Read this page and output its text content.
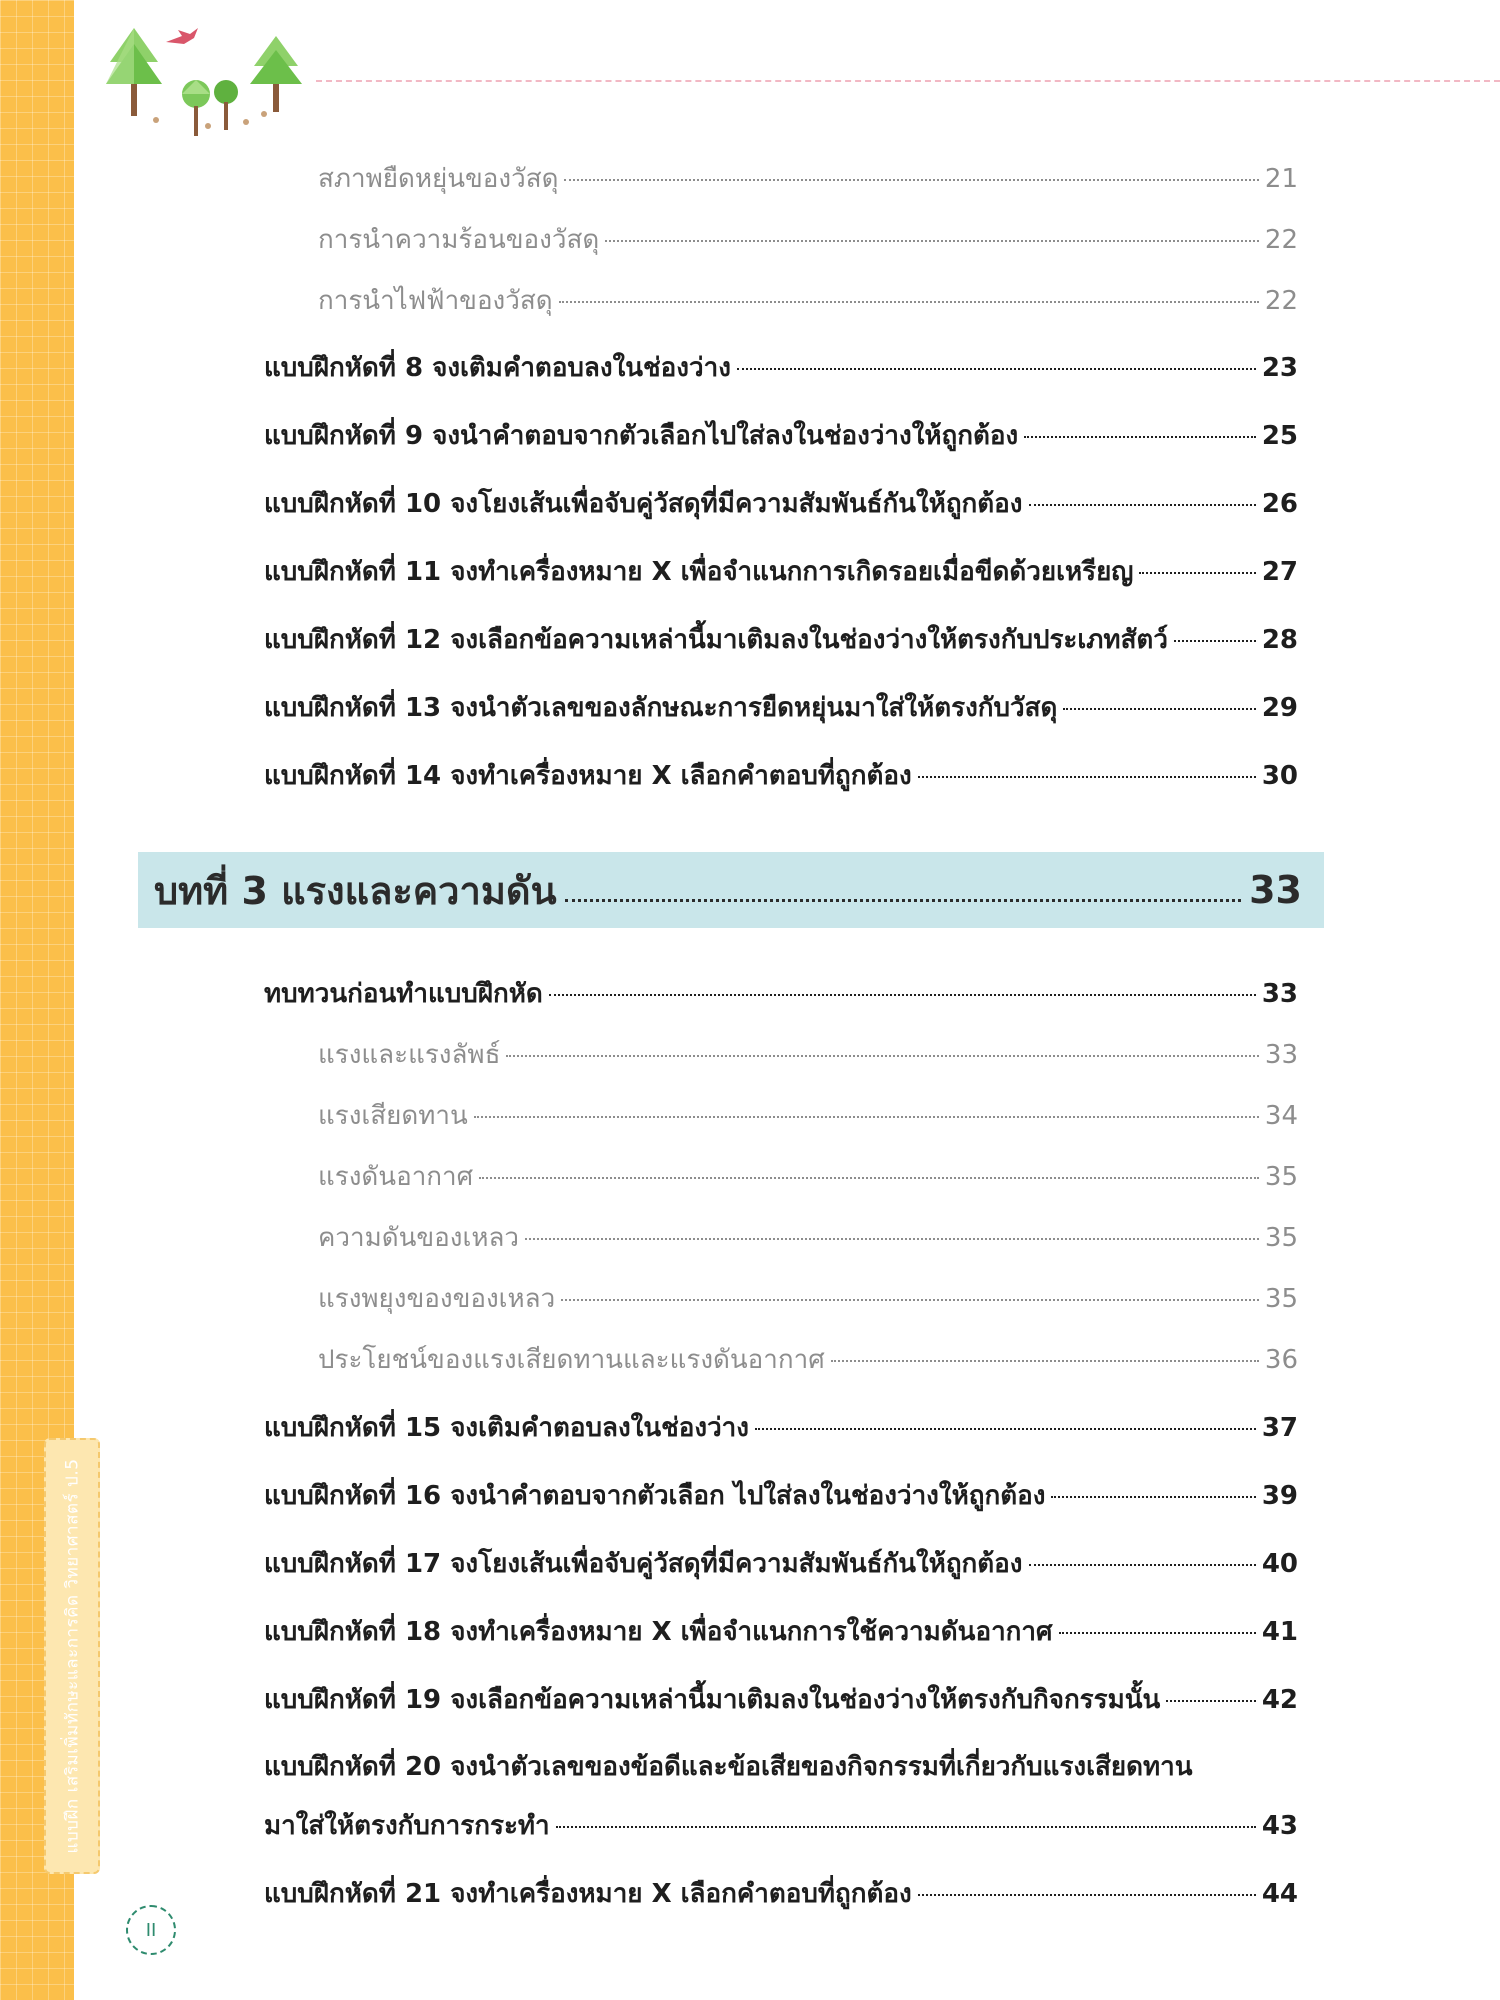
แบบฝึก เสริมเพิ่มทักษะและการคิด วิทยาศาสตร์ ป.5
สภาพยืดหยุ่นของวัสดุ	21
การนำความร้อนของวัสดุ	22
การนำไฟฟ้าของวัสดุ	22
แบบฝึกหัดที่ 8 จงเติมคำตอบลงในช่องว่าง	23
แบบฝึกหัดที่ 9 จงนำคำตอบจากตัวเลือกไปใส่ลงในช่องว่างให้ถูกต้อง	25
แบบฝึกหัดที่ 10 จงโยงเส้นเพื่อจับคู่วัสดุที่มีความสัมพันธ์กันให้ถูกต้อง	26
แบบฝึกหัดที่ 11 จงทำเครื่องหมาย X เพื่อจำแนกการเกิดรอยเมื่อขีดด้วยเหรียญ	27
แบบฝึกหัดที่ 12 จงเลือกข้อความเหล่านี้มาเติมลงในช่องว่างให้ตรงกับประเภทสัตว์	28
แบบฝึกหัดที่ 13 จงนำตัวเลขของลักษณะการยืดหยุ่นมาใส่ให้ตรงกับวัสดุ	29
แบบฝึกหัดที่ 14 จงทำเครื่องหมาย X เลือกคำตอบที่ถูกต้อง	30
บทที่ 3 แรงและความดัน	33
ทบทวนก่อนทำแบบฝึกหัด	33
แรงและแรงลัพธ์	33
แรงเสียดทาน	34
แรงดันอากาศ	35
ความดันของเหลว	35
แรงพยุงของของเหลว	35
ประโยชน์ของแรงเสียดทานและแรงดันอากาศ	36
แบบฝึกหัดที่ 15 จงเติมคำตอบลงในช่องว่าง	37
แบบฝึกหัดที่ 16 จงนำคำตอบจากตัวเลือก ไปใส่ลงในช่องว่างให้ถูกต้อง	39
แบบฝึกหัดที่ 17 จงโยงเส้นเพื่อจับคู่วัสดุที่มีความสัมพันธ์กันให้ถูกต้อง	40
แบบฝึกหัดที่ 18 จงทำเครื่องหมาย X เพื่อจำแนกการใช้ความดันอากาศ	41
แบบฝึกหัดที่ 19 จงเลือกข้อความเหล่านี้มาเติมลงในช่องว่างให้ตรงกับกิจกรรมนั้น	42
แบบฝึกหัดที่ 20 จงนำตัวเลขของข้อดีและข้อเสียของกิจกรรมที่เกี่ยวกับแรงเสียดทาน
มาใส่ให้ตรงกับการกระทำ	43
แบบฝึกหัดที่ 21 จงทำเครื่องหมาย X เลือกคำตอบที่ถูกต้อง	44
II
